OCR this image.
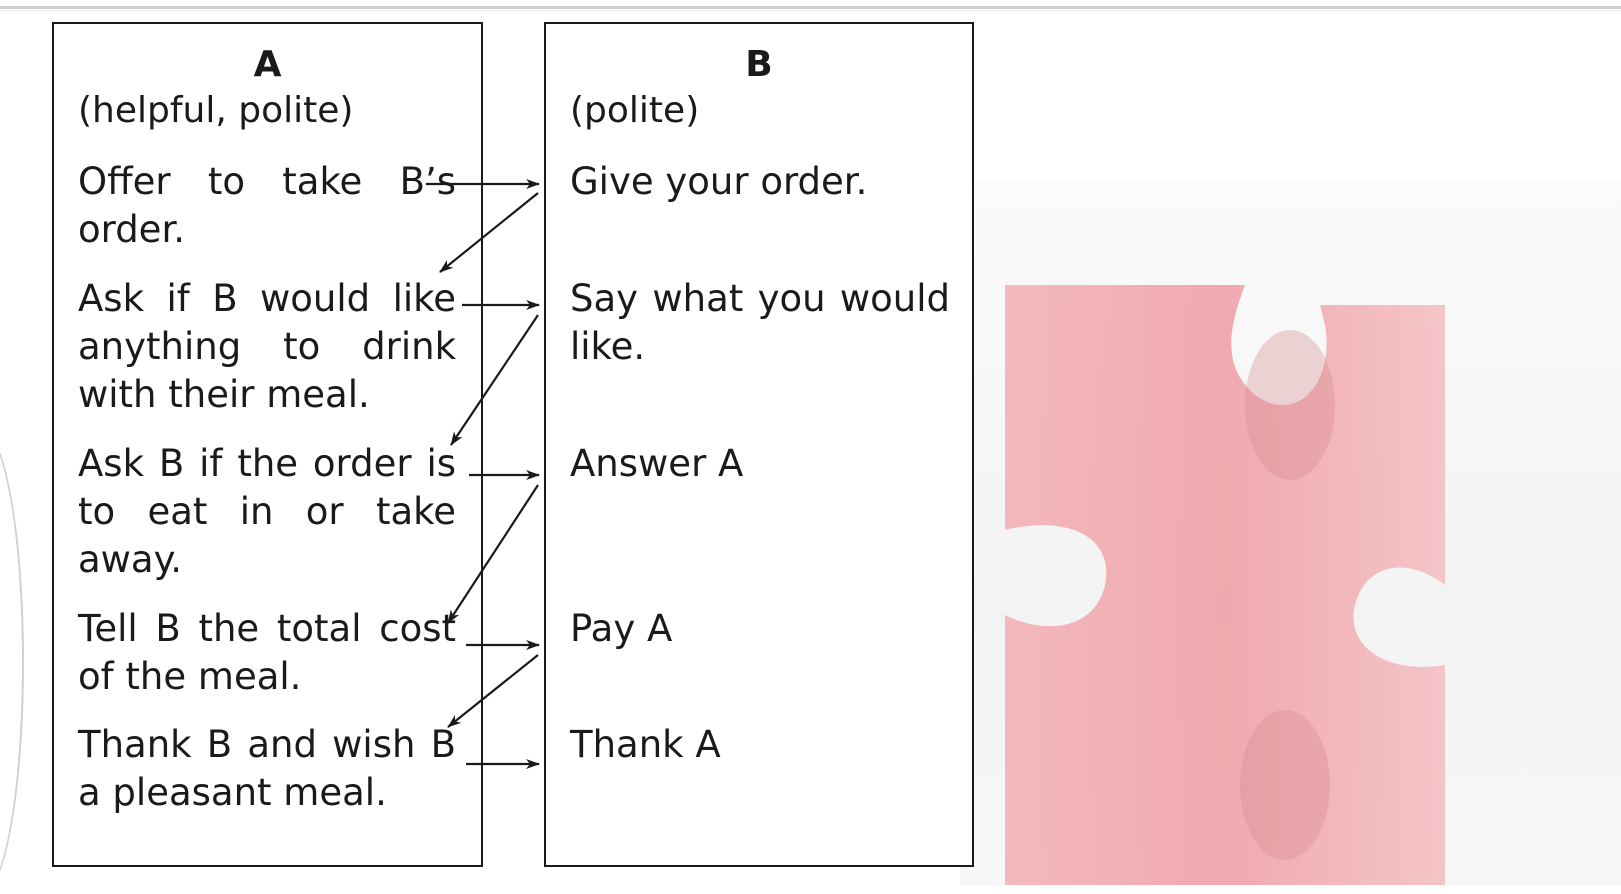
A
(helpful, polite)

Offer to take B’s order.

Ask if B would like anything to drink with their meal.

Ask B if the order is to eat in or take away.

Tell B the total cost of the meal.

Thank B and wish B a pleasant meal.

B
(polite)

Give your order.

Say what you would like.

Answer A

Pay A

Thank A
